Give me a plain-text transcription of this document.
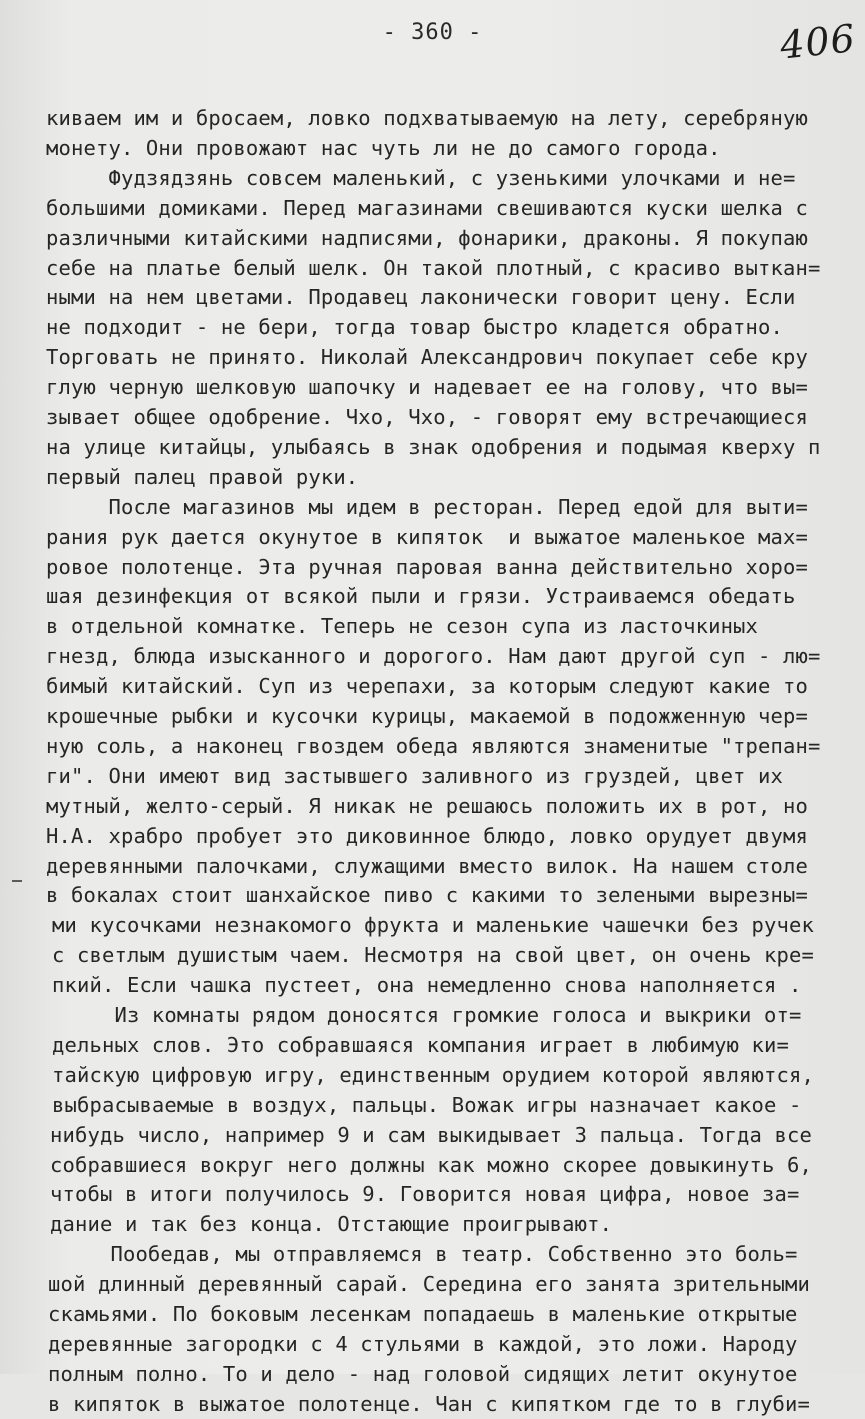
- 360 -	406
киваем им и бросаем, ловко подхватываемую на лету, серебряную
монету. Они провожают нас чуть ли не до самого города.
Фудзядзянь совсем маленький, с узенькими улочками и не=
большими домиками. Перед магазинами свешиваются куски шелка с
различными китайскими надписями, фонарики, драконы. Я покупаю
себе на платье белый шелк. Он такой плотный, с красиво выткан=
ными на нем цветами. Продавец лаконически говорит цену. Если
не подходит - не бери, тогда товар быстро кладется обратно.
Торговать не принято. Николай Александрович покупает себе кру
глую черную шелковую шапочку и надевает ее на голову, что вы=
зывает общее одобрение. Чхо, Чхо, - говорят ему встречающиеся
на улице китайцы, улыбаясь в знак одобрения и подымая кверху п
первый палец правой руки.
После магазинов мы идем в ресторан. Перед едой для выти=
рания рук дается окунутое в кипяток  и выжатое маленькое мах=
ровое полотенце. Эта ручная паровая ванна действительно хоро=
шая дезинфекция от всякой пыли и грязи. Устраиваемся обедать
в отдельной комнатке. Теперь не сезон супа из ласточкиных
гнезд, блюда изысканного и дорогого. Нам дают другой суп - лю=
бимый китайский. Суп из черепахи, за которым следуют какие то
крошечные рыбки и кусочки курицы, макаемой в подожженную чер=
ную соль, а наконец гвоздем обеда являются знаменитые "трепан=
ги". Они имеют вид застывшего заливного из груздей, цвет их
мутный, желто-серый. Я никак не решаюсь положить их в рот, но
Н.А. храбро пробует это диковинное блюдо, ловко орудует двумя
деревянными палочками, служащими вместо вилок. На нашем столе
в бокалах стоит шанхайское пиво с какими то зелеными вырезны=
ми кусочками незнакомого фрукта и маленькие чашечки без ручек
с светлым душистым чаем. Несмотря на свой цвет, он очень кре=
пкий. Если чашка пустеет, она немедленно снова наполняется .
Из комнаты рядом доносятся громкие голоса и выкрики от=
дельных слов. Это собравшаяся компания играет в любимую ки=
тайскую цифровую игру, единственным орудием которой являются,
выбрасываемые в воздух, пальцы. Вожак игры назначает какое -
нибудь число, например 9 и сам выкидывает 3 пальца. Тогда все
собравшиеся вокруг него должны как можно скорее довыкинуть 6,
чтобы в итоги получилось 9. Говорится новая цифра, новое за=
дание и так без конца. Отстающие проигрывают.
Пообедав, мы отправляемся в театр. Собственно это боль=
шой длинный деревянный сарай. Середина его занята зрительными
скамьями. По боковым лесенкам попадаешь в маленькие открытые
деревянные загородки с 4 стульями в каждой, это ложи. Народу
полным полно. То и дело - над головой сидящих летит окунутое
в кипяток в выжатое полотенце. Чан с кипятком где то в глуби=
